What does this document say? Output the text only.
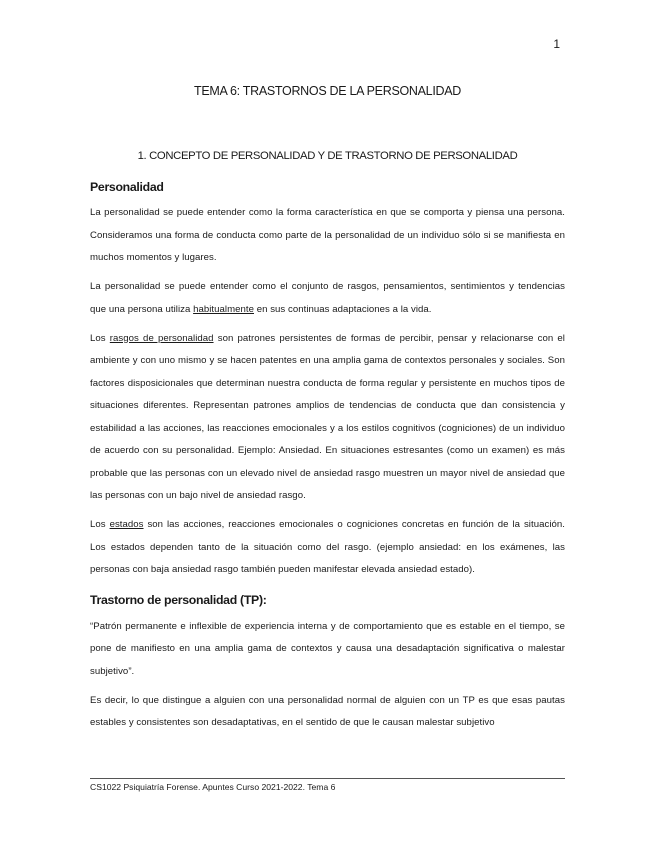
1
TEMA 6: TRASTORNOS DE LA PERSONALIDAD
1. CONCEPTO DE PERSONALIDAD Y DE TRASTORNO DE PERSONALIDAD
Personalidad

La personalidad se puede entender como la forma característica en que se comporta y piensa una persona. Consideramos una forma de conducta como parte de la personalidad de un individuo sólo si se manifiesta en muchos momentos y lugares.

La personalidad se puede entender como el conjunto de rasgos, pensamientos, sentimientos y tendencias que una persona utiliza habitualmente en sus continuas adaptaciones a la vida.

Los rasgos de personalidad son patrones persistentes de formas de percibir, pensar y relacionarse con el ambiente y con uno mismo y se hacen patentes en una amplia gama de contextos personales y sociales. Son factores disposicionales que determinan nuestra conducta de forma regular y persistente en muchos tipos de situaciones diferentes. Representan patrones amplios de tendencias de conducta que dan consistencia y estabilidad a las acciones, las reacciones emocionales y a los estilos cognitivos (cogniciones) de un individuo de acuerdo con su personalidad. Ejemplo: Ansiedad. En situaciones estresantes (como un examen) es más probable que las personas con un elevado nivel de ansiedad rasgo muestren un mayor nivel de ansiedad que las personas con un bajo nivel de ansiedad rasgo.

Los estados son las acciones, reacciones emocionales o cogniciones concretas en función de la situación. Los estados dependen tanto de la situación como del rasgo. (ejemplo ansiedad: en los exámenes, las personas con baja ansiedad rasgo también pueden manifestar elevada ansiedad estado).

Trastorno de personalidad (TP):

“Patrón permanente e inflexible de experiencia interna y de comportamiento que es estable en el tiempo, se pone de manifiesto en una amplia gama de contextos y causa una desadaptación significativa o malestar subjetivo”.

Es decir, lo que distingue a alguien con una personalidad normal de alguien con un TP es que esas pautas estables y consistentes son desadaptativas, en el sentido de que le causan malestar subjetivo

CS1022 Psiquiatría Forense. Apuntes Curso 2021-2022. Tema 6
